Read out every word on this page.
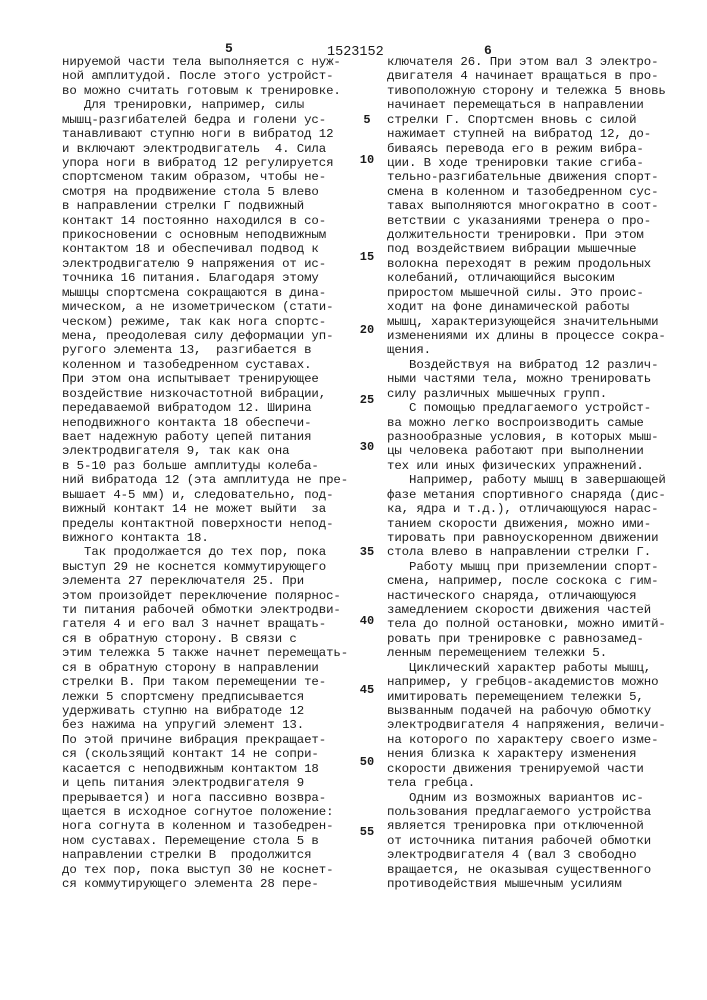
5	1523152	6
нируемой части тела выполняется с нуж-
ной амплитудой. После этого устройст-
во можно считать готовым к тренировке.
Для тренировки, например, силы
мышц-разгибателей бедра и голени ус-
танавливают ступню ноги в вибратод 12
и включают электродвигатель  4. Сила
упора ноги в вибратод 12 регулируется
спортсменом таким образом, чтобы не-
смотря на продвижение стола 5 влево
в направлении стрелки Г подвижный
контакт 14 постоянно находился в со-
прикосновении с основным неподвижным
контактом 18 и обеспечивал подвод к
электродвигателю 9 напряжения от ис-
точника 16 питания. Благодаря этому
мышцы спортсмена сокращаются в дина-
мическом, а не изометрическом (стати-
ческом) режиме, так как нога спортс-
мена, преодолевая силу деформации уп-
ругого элемента 13,  разгибается в
коленном и тазобедренном суставах.
При этом она испытывает тренирующее
воздействие низкочастотной вибрации,
передаваемой вибратодом 12. Ширина
неподвижного контакта 18 обеспечи-
вает надежную работу цепей питания
электродвигателя 9, так как она
в 5-10 раз больше амплитуды колеба-
ний вибратода 12 (эта амплитуда не пре-
вышает 4-5 мм) и, следовательно, под-
вижный контакт 14 не может выйти  за
пределы контактной поверхности непод-
вижного контакта 18.
Так продолжается до тех пор, пока
выступ 29 не коснется коммутирующего
элемента 27 переключателя 25. При
этом произойдет переключение полярнос-
ти питания рабочей обмотки электродви-
гателя 4 и его вал 3 начнет вращать-
ся в обратную сторону. В связи с
этим тележка 5 также начнет перемещать-
ся в обратную сторону в направлении
стрелки В. При таком перемещении те-
лежки 5 спортсмену предписывается
удерживать ступню на вибратоде 12
без нажима на упругий элемент 13.
По этой причине вибрация прекращает-
ся (скользящий контакт 14 не сопри-
касается с неподвижным контактом 18
и цепь питания электродвигателя 9
прерывается) и нога пассивно возвра-
щается в исходное согнутое положение:
нога согнута в коленном и тазобедрен-
ном суставах. Перемещение стола 5 в
направлении стрелки В  продолжится
до тех пор, пока выступ 30 не коснет-
ся коммутирующего элемента 28 пере-
ключателя 26. При этом вал 3 электро-
двигателя 4 начинает вращаться в про-
тивоположную сторону и тележка 5 вновь
начинает перемещаться в направлении
стрелки Г. Спортсмен вновь с силой
нажимает ступней на вибратод 12, до-
биваясь перевода его в режим вибра-
ции. В ходе тренировки такие сгиба-
тельно-разгибательные движения спорт-
смена в коленном и тазобедренном сус-
тавах выполняются многократно в соот-
ветствии с указаниями тренера о про-
должительности тренировки. При этом
под воздействием вибрации мышечные
волокна переходят в режим продольных
колебаний, отличающийся высоким
приростом мышечной силы. Это проис-
ходит на фоне динамической работы
мышц, характеризующейся значительными
изменениями их длины в процессе сокра-
щения.
Воздействуя на вибратод 12 различ-
ными частями тела, можно тренировать
силу различных мышечных групп.
С помощью предлагаемого устройст-
ва можно легко воспроизводить самые
разнообразные условия, в которых мыш-
цы человека работают при выполнении
тех или иных физических упражнений.
Например, работу мышц в завершающей
фазе метания спортивного снаряда (дис-
ка, ядра и т.д.), отличающуюся нарас-
танием скорости движения, можно ими-
тировать при равноускоренном движении
стола влево в направлении стрелки Г.
Работу мышц при приземлении спорт-
смена, например, после соскока с гим-
настического снаряда, отличающуюся
замедлением скорости движения частей
тела до полной остановки, можно имитй-
ровать при тренировке с равнозамед-
ленным перемещением тележки 5.
Циклический характер работы мышц,
например, у гребцов-академистов можно
имитировать перемещением тележки 5,
вызванным подачей на рабочую обмотку
электродвигателя 4 напряжения, величи-
на которого по характеру своего изме-
нения близка к характеру изменения
скорости движения тренируемой части
тела гребца.
Одним из возможных вариантов ис-
пользования предлагаемого устройства
является тренировка при отключенной
от источника питания рабочей обмотки
электродвигателя 4 (вал 3 свободно
вращается, не оказывая существенного
противодействия мышечным усилиям
5
10
15
20
25
30
35
40
45
50
55
